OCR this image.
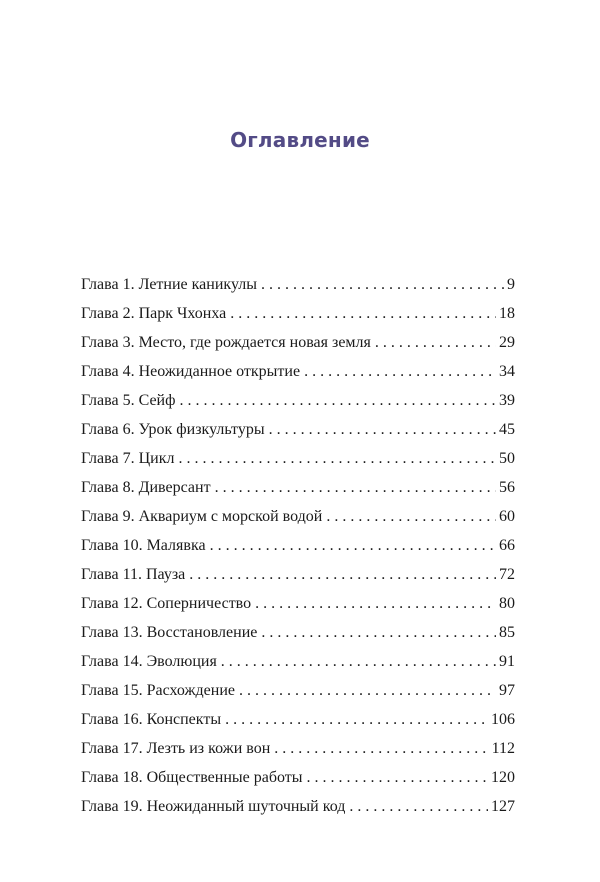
Оглавление
Глава 1. Летние каникулы . . .	9
Глава 2. Парк Чхонха . . .	18
Глава 3. Место, где рождается новая земля . . .	29
Глава 4. Неожиданное открытие . . .	34
Глава 5. Сейф . . .	39
Глава 6. Урок физкультуры . . .	45
Глава 7. Цикл . . .	50
Глава 8. Диверсант . . .	56
Глава 9. Аквариум с морской водой . . .	60
Глава 10. Малявка . . .	66
Глава 11. Пауза . . .	72
Глава 12. Соперничество . . .	80
Глава 13. Восстановление . . .	85
Глава 14. Эволюция . . .	91
Глава 15. Расхождение . . .	97
Глава 16. Конспекты . . .	106
Глава 17. Лезть из кожи вон . . .	112
Глава 18. Общественные работы . . .	120
Глава 19. Неожиданный шуточный код . . .	127
